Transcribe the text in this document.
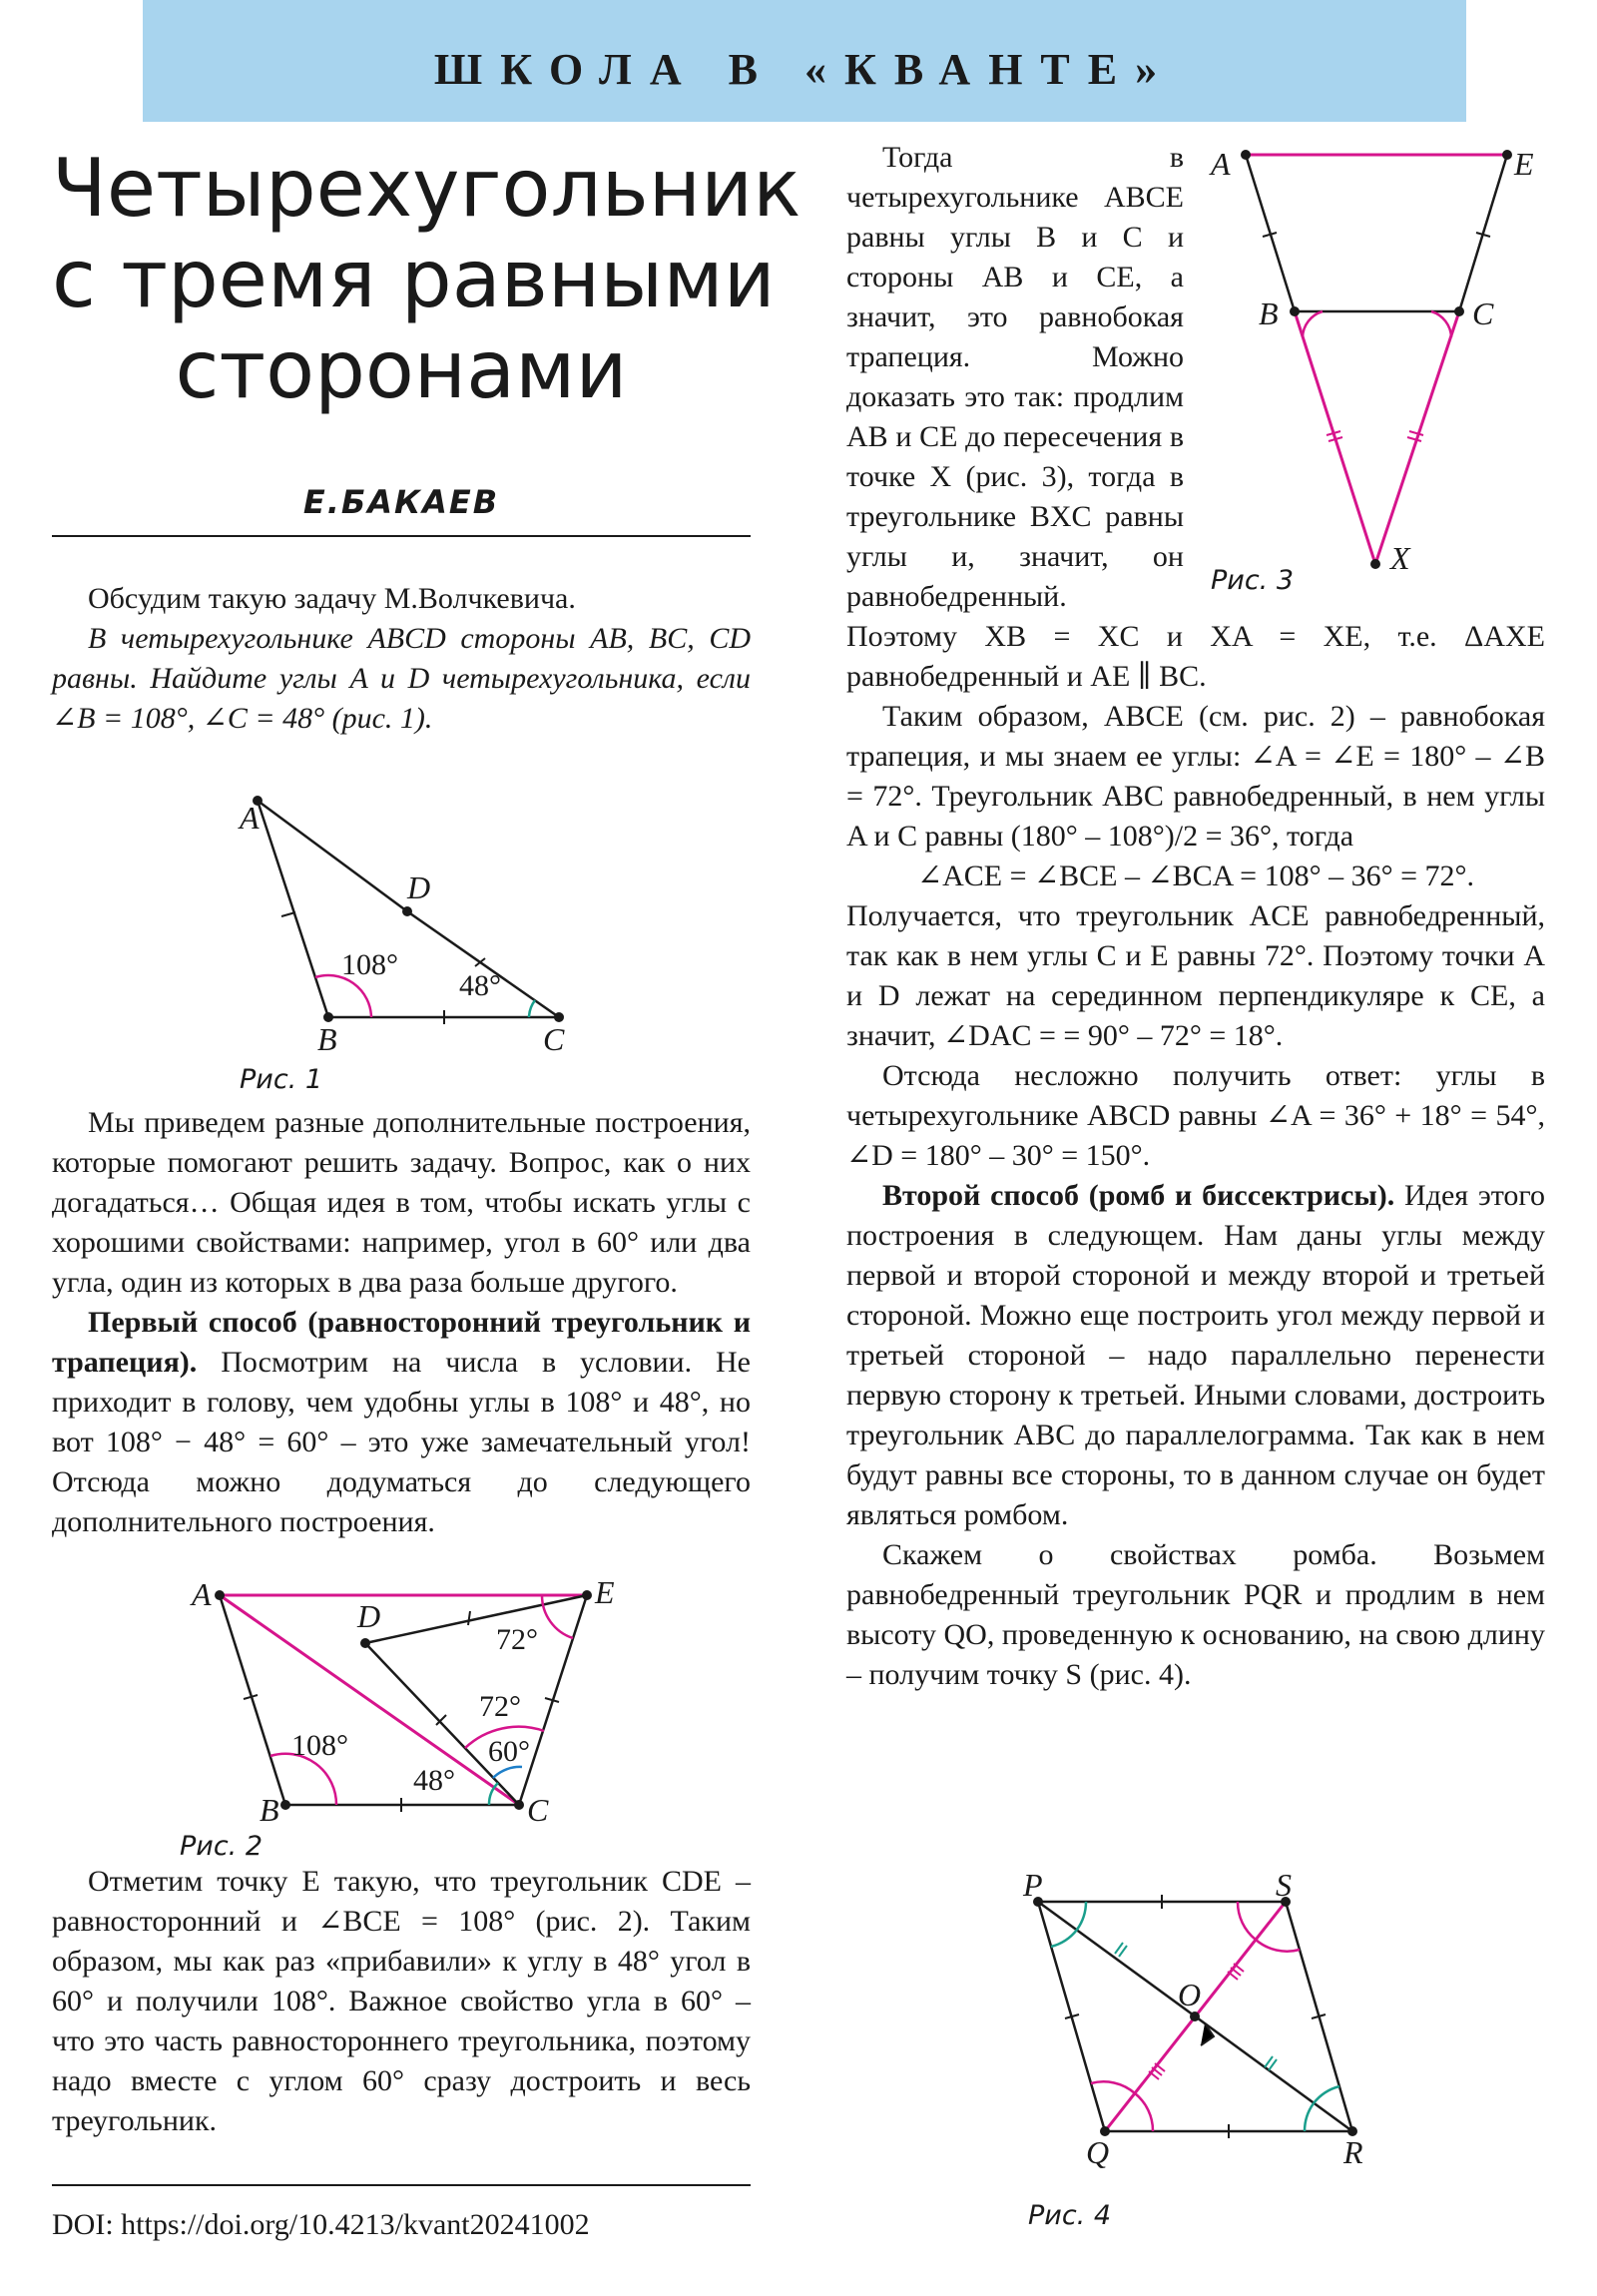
ШКОЛА В «КВАНТЕ»
Четырехугольник
с тремя равными
сторонами
Е.БАКАЕВ

Обсудим такую задачу М.Волчкевича.

В четырехугольнике ABCD стороны AB, BC, CD равны. Найдите углы A и D четырехугольника, если ∠B = 108°, ∠C = 48° (рис. 1).

A
B	C
D
108°
48°
Рис. 1

Мы приведем разные дополнительные построения, которые помогают решить задачу. Вопрос, как о них догадаться… Общая идея в том, чтобы искать углы с хорошими свойствами: например, угол в 60° или два угла, один из которых в два раза больше другого.

Первый способ (равносторонний треугольник и трапеция). Посмотрим на числа в условии. Не приходит в голову, чем удобны углы в 108° и 48°, но вот 108° − 48° = 60° – это уже замечательный угол! Отсюда можно додуматься до следующего дополнительного построения.

A
B	C
D
E
108°
48°
60°
72°
72°
Рис. 2

Отметим точку E такую, что треугольник CDE – равносторонний и ∠BCE = 108° (рис. 2). Таким образом, мы как раз «прибавили» к углу в 48° угол в 60° и получили 108°. Важное свойство угла в 60° – что это часть равностороннего треугольника, поэтому надо вместе с углом 60° сразу достроить и весь треугольник.

DOI: https://doi.org/10.4213/kvant20241002
A
B	C
E
X
Рис. 3

Тогда в четырехугольнике ABCE равны углы B и C и стороны AB и CE, а значит, это равнобокая трапеция. Можно доказать это так: продлим AB и CE до пересечения в точке X (рис. 3), тогда в треугольнике BXC равны углы и, значит, он равнобедренный. Поэтому XB = XC и XA = XE, т.е. ΔAXE равнобедренный и AE ∥ BC.

Таким образом, ABCE (см. рис. 2) – равнобокая трапеция, и мы знаем ее углы: ∠A = ∠E = 180° – ∠B = 72°. Треугольник ABC равнобедренный, в нем углы A и C равны (180° – 108°)/2 = 36°, тогда

∠ACE = ∠BCE – ∠BCA = 108° – 36° = 72°.

Получается, что треугольник ACE равнобедренный, так как в нем углы C и E равны 72°. Поэтому точки A и D лежат на серединном перпендикуляре к CE, а значит, ∠DAC = = 90° – 72° = 18°.

Отсюда несложно получить ответ: углы в четырехугольнике ABCD равны ∠A = 36° + 18° = 54°, ∠D = 180° – 30° = 150°.

Второй способ (ромб и биссектрисы). Идея этого построения в следующем. Нам даны углы между первой и второй стороной и между второй и третьей стороной. Можно еще построить угол между первой и третьей стороной – надо параллельно перенести первую сторону к третьей. Иными словами, достроить треугольник ABC до параллелограмма. Так как в нем будут равны все стороны, то в данном случае он будет являться ромбом.

Скажем о свойствах ромба. Возьмем равнобедренный треугольник PQR и продлим в нем высоту QO, проведенную к основанию, на свою длину – получим точку S (рис. 4).

P
Q	R
S
O
Рис. 4
